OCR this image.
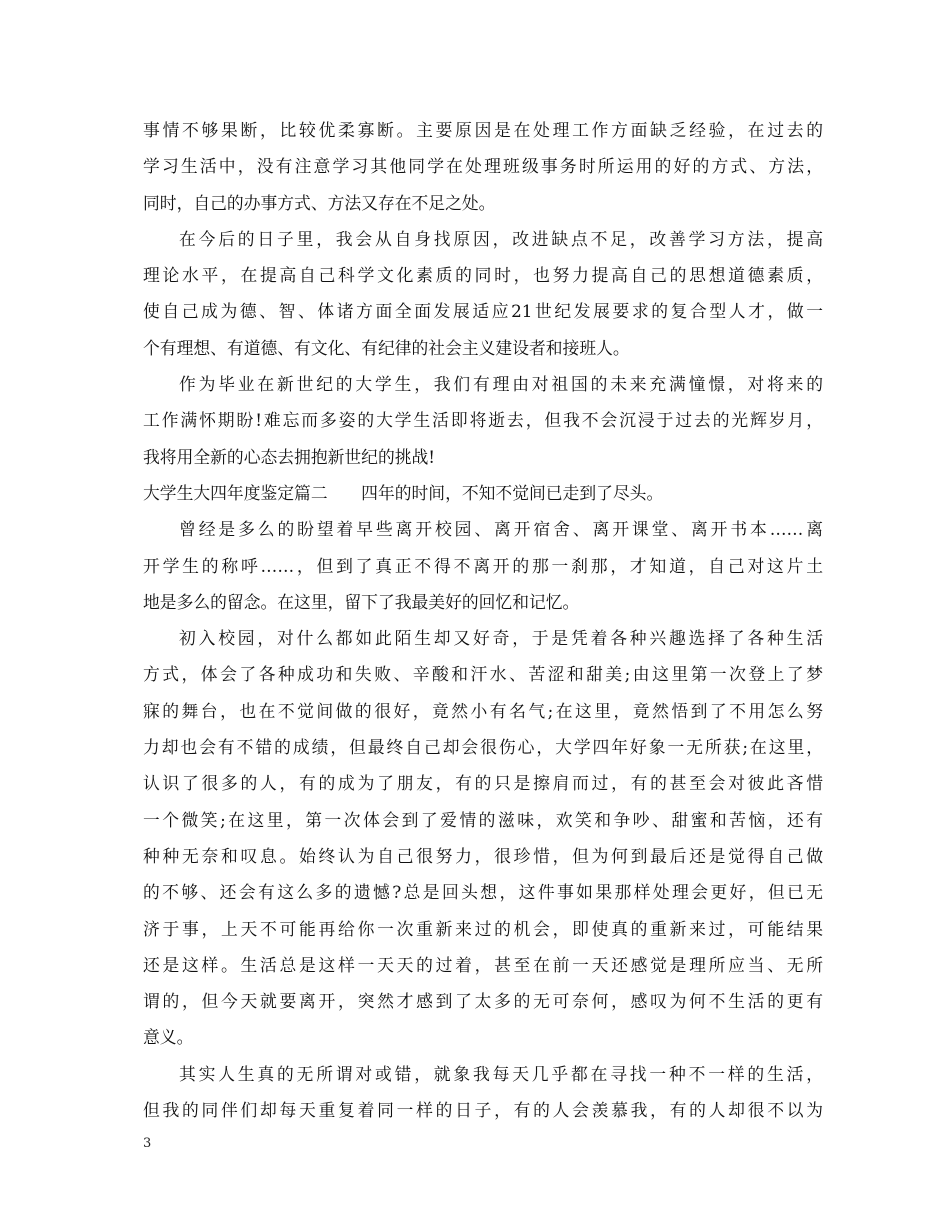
事情不够果断，比较优柔寡断。主要原因是在处理工作方面缺乏经验，在过去的
学习生活中，没有注意学习其他同学在处理班级事务时所运用的好的方式、方法，
同时，自己的办事方式、方法又存在不足之处。
在今后的日子里，我会从自身找原因，改进缺点不足，改善学习方法，提高
理论水平，在提高自己科学文化素质的同时，也努力提高自己的思想道德素质，
使自己成为德、智、体诸方面全面发展适应21世纪发展要求的复合型人才，做一
个有理想、有道德、有文化、有纪律的社会主义建设者和接班人。
作为毕业在新世纪的大学生，我们有理由对祖国的未来充满憧憬，对将来的
工作满怀期盼!难忘而多姿的大学生活即将逝去，但我不会沉浸于过去的光辉岁月，
我将用全新的心态去拥抱新世纪的挑战!
大学生大四年度鉴定篇二　　四年的时间，不知不觉间已走到了尽头。
曾经是多么的盼望着早些离开校园、离开宿舍、离开课堂、离开书本……离
开学生的称呼……，但到了真正不得不离开的那一刹那，才知道，自己对这片土
地是多么的留念。在这里，留下了我最美好的回忆和记忆。
初入校园，对什么都如此陌生却又好奇，于是凭着各种兴趣选择了各种生活
方式，体会了各种成功和失败、辛酸和汗水、苦涩和甜美;由这里第一次登上了梦
寐的舞台，也在不觉间做的很好，竟然小有名气;在这里，竟然悟到了不用怎么努
力却也会有不错的成绩，但最终自己却会很伤心，大学四年好象一无所获;在这里，
认识了很多的人，有的成为了朋友，有的只是擦肩而过，有的甚至会对彼此吝惜
一个微笑;在这里，第一次体会到了爱情的滋味，欢笑和争吵、甜蜜和苦恼，还有
种种无奈和叹息。始终认为自己很努力，很珍惜，但为何到最后还是觉得自己做
的不够、还会有这么多的遗憾?总是回头想，这件事如果那样处理会更好，但已无
济于事，上天不可能再给你一次重新来过的机会，即使真的重新来过，可能结果
还是这样。生活总是这样一天天的过着，甚至在前一天还感觉是理所应当、无所
谓的，但今天就要离开，突然才感到了太多的无可奈何，感叹为何不生活的更有
意义。
其实人生真的无所谓对或错，就象我每天几乎都在寻找一种不一样的生活，
但我的同伴们却每天重复着同一样的日子，有的人会羡慕我，有的人却很不以为
3
